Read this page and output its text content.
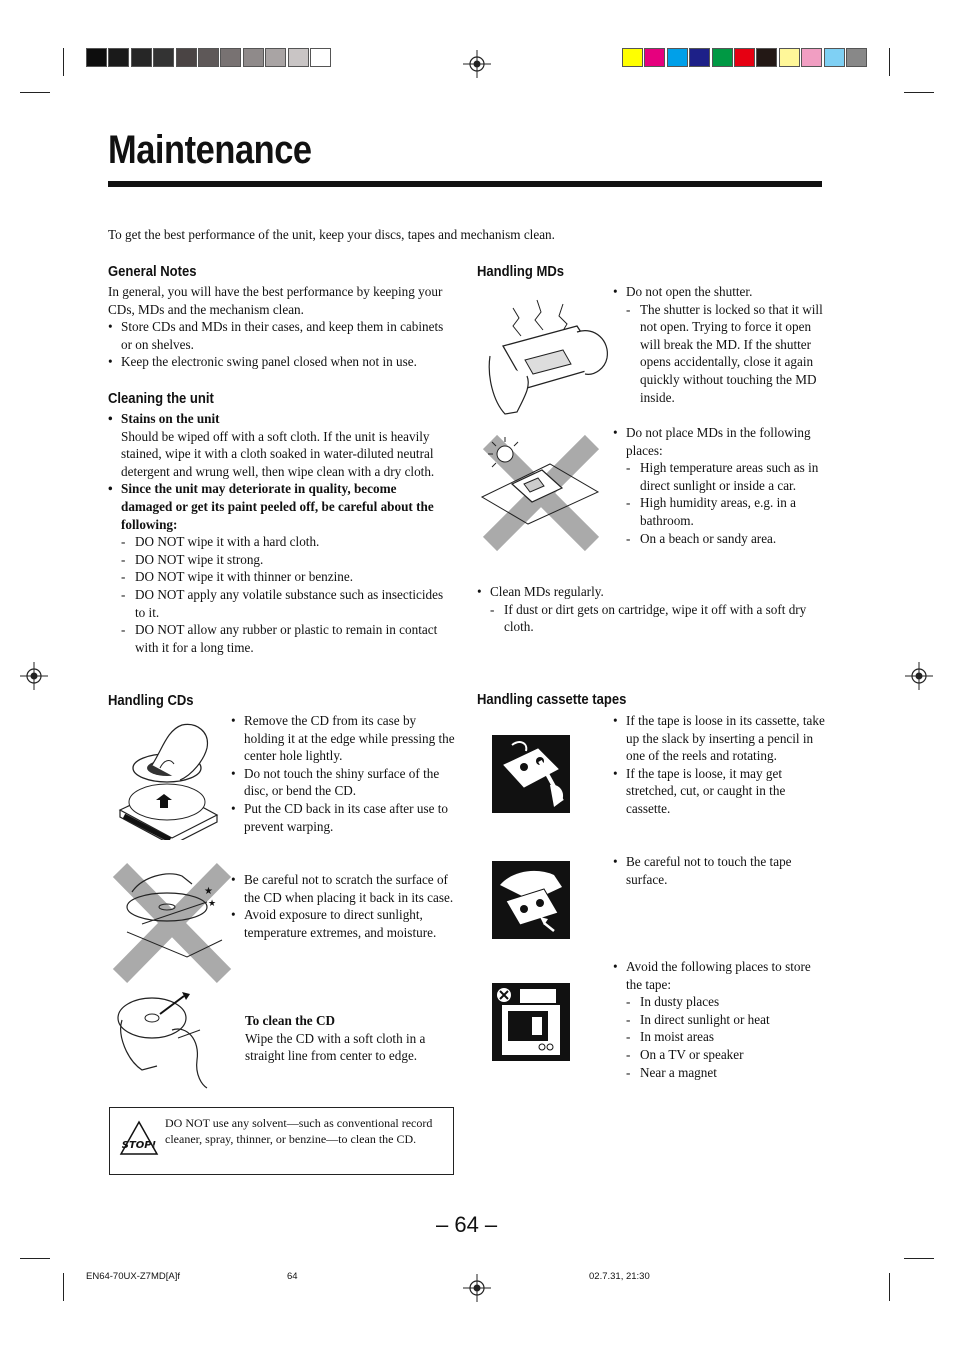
Maintenance

To get the best performance of the unit, keep your discs, tapes and mechanism clean.

General Notes

In general, you will have the best performance by keeping your CDs, MDs and the mechanism clean.

• Store CDs and MDs in their cases, and keep them in cabinets or on shelves.

• Keep the electronic swing panel closed when not in use.

Cleaning the unit

• Stains on the unit

Should be wiped off with a soft cloth. If the unit is heavily stained, wipe it with a cloth soaked in water-diluted neutral detergent and wrung well, then wipe clean with a dry cloth.

• Since the unit may deteriorate in quality, become damaged or get its paint peeled off, be careful about the following:

- DO NOT wipe it with a hard cloth.

- DO NOT wipe it strong.

- DO NOT wipe it with thinner or benzine.

- DO NOT apply any volatile substance such as insecticides to it.

- DO NOT allow any rubber or plastic to remain in contact with it for a long time.

Handling CDs

• Remove the CD from its case by holding it at the edge while pressing the center hole lightly.

• Do not touch the shiny surface of the disc, or bend the CD.

• Put the CD back in its case after use to prevent warping.

★
★

• Be careful not to scratch the surface of the CD when placing it back in its case.

• Avoid exposure to direct sunlight, temperature extremes, and moisture.

To clean the CD

Wipe the CD with a soft cloth in a straight line from center to edge.

STOP!

DO NOT use any solvent—such as conventional record cleaner, spray, thinner, or benzine—to clean the CD.

Handling MDs

• Do not open the shutter.

- The shutter is locked so that it will not open. Trying to force it open will break the MD. If the shutter opens accidentally, close it again quickly without touching the MD inside.

• Do not place MDs in the following places:

- High temperature areas such as in direct sunlight or inside a car.

- High humidity areas, e.g. in a bathroom.

- On a beach or sandy area.

• Clean MDs regularly.

- If dust or dirt gets on cartridge, wipe it off with a soft dry cloth.

Handling cassette tapes

• If the tape is loose in its cassette, take up the slack by inserting a pencil in one of the reels and rotating.

• If the tape is loose, it may get stretched, cut, or caught in the cassette.

• Be careful not to touch the tape surface.

• Avoid the following places to store the tape:

- In dusty places

- In direct sunlight or heat

- In moist areas

- On a TV or speaker

- Near a magnet

– 64 –
EN64-70UX-Z7MD[A]f	64	02.7.31, 21:30
